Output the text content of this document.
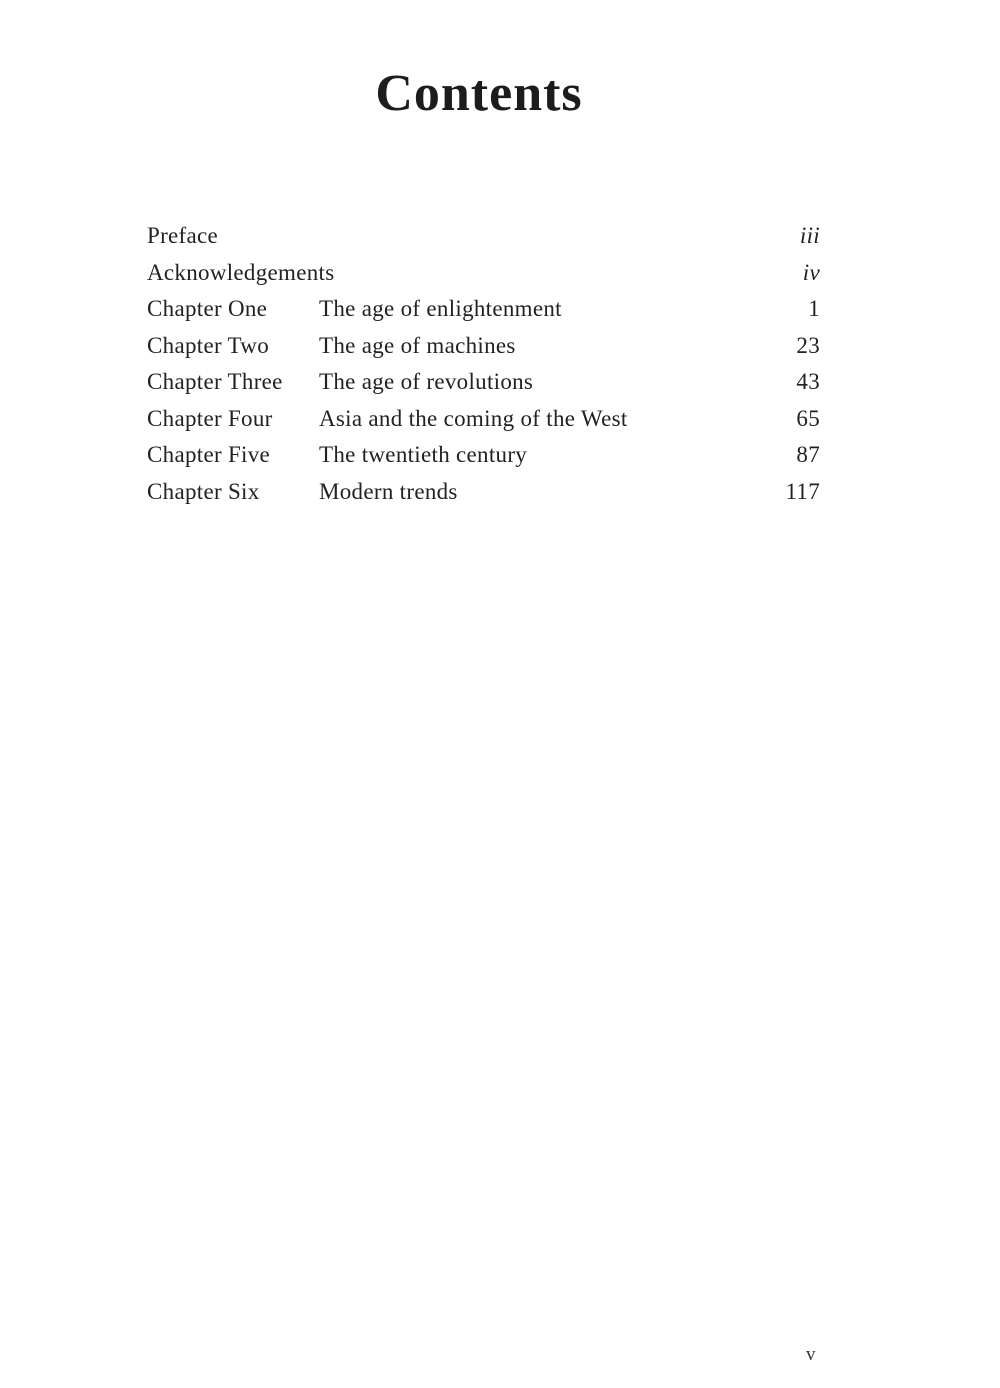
Contents
Preface	iii
Acknowledgements	iv
Chapter One The age of enlightenment	1
Chapter Two The age of machines	23
Chapter Three The age of revolutions	43
Chapter Four Asia and the coming of the West	65
Chapter Five The twentieth century	87
Chapter Six	Modern trends	117
v
